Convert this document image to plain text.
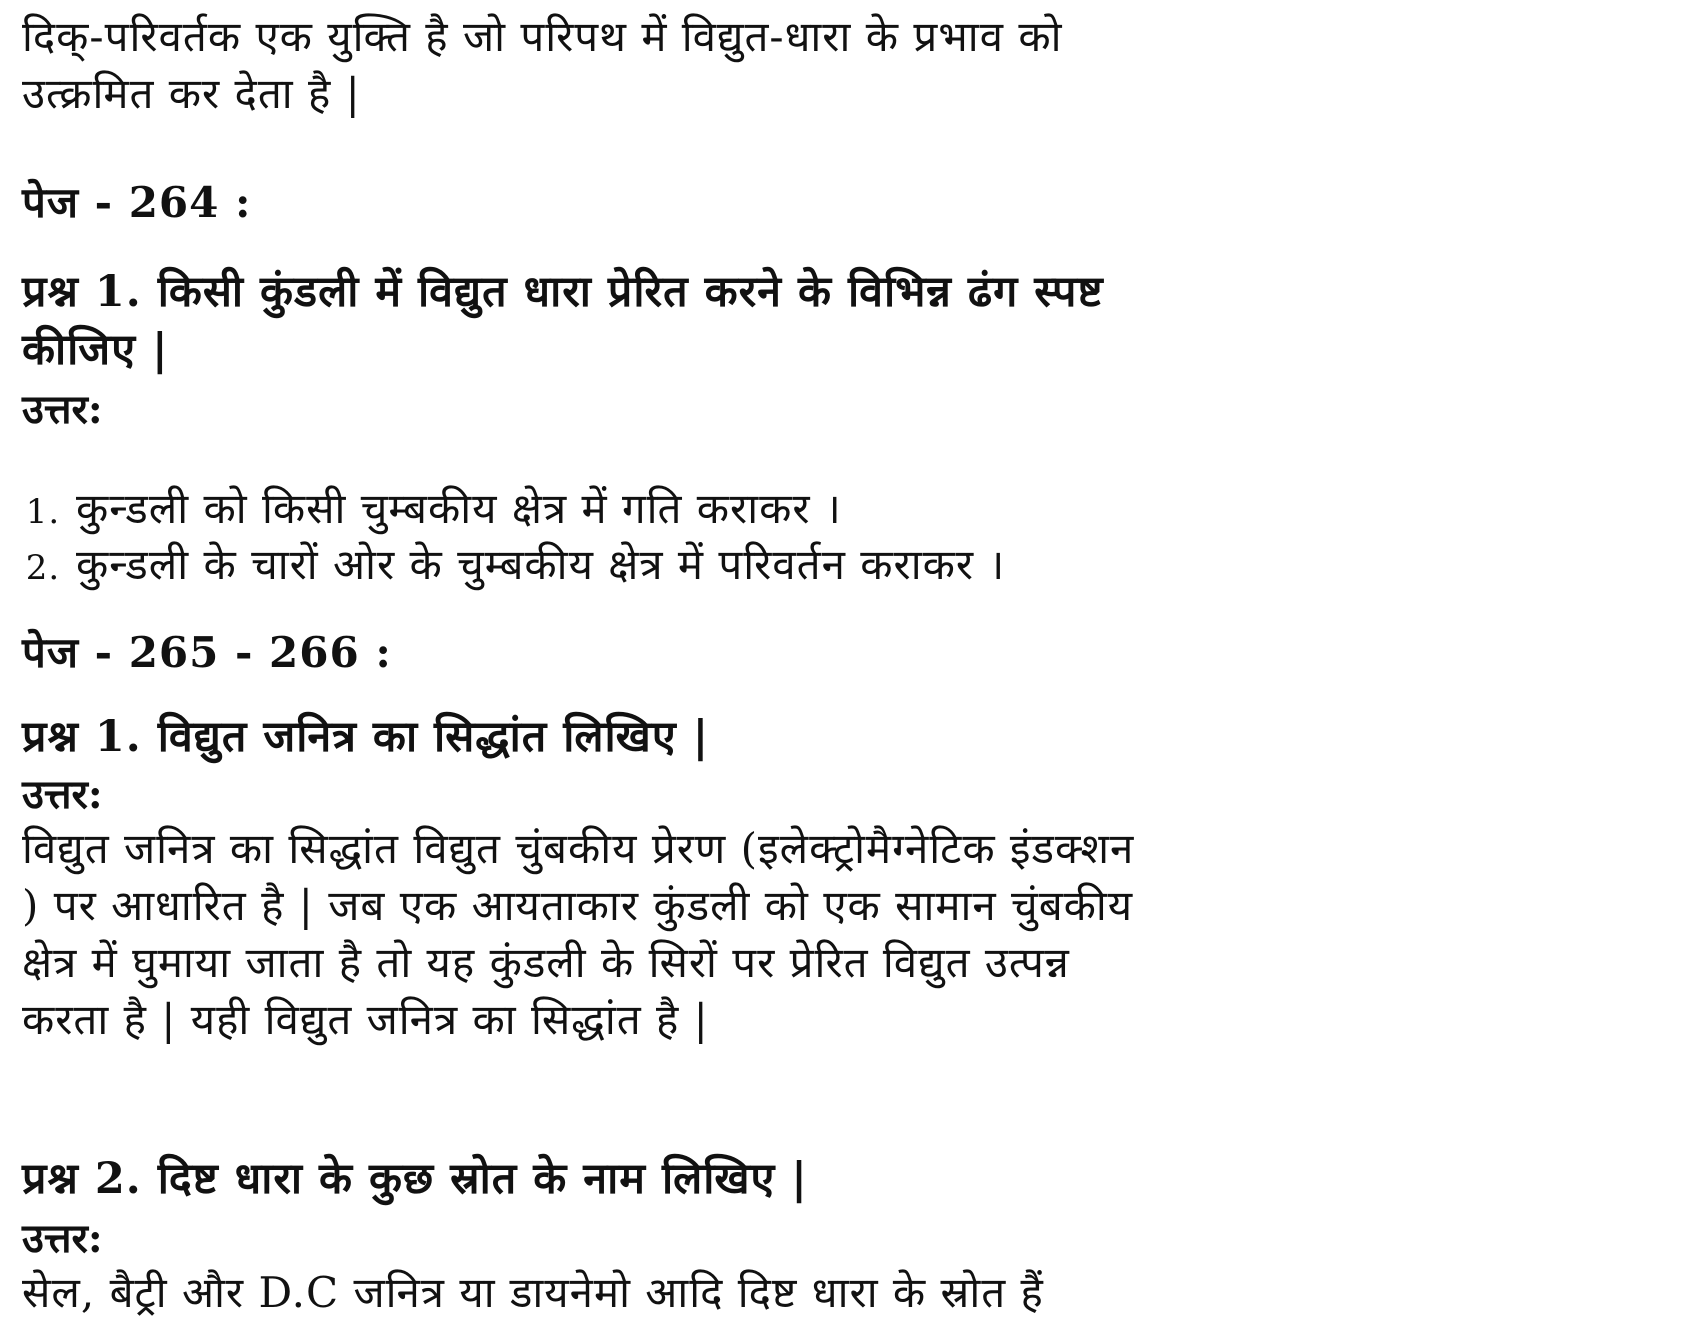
दिक्-परिवर्तक एक युक्ति है जो परिपथ में विद्युत-धारा के प्रभाव को उत्क्रमित कर देता है |

पेज - 264 :

प्रश्न 1. किसी कुंडली में विद्युत धारा प्रेरित करने के विभिन्न ढंग स्पष्ट कीजिए |

उत्तर:

1. कुन्डली को किसी चुम्बकीय क्षेत्र में गति कराकर ।
2. कुन्डली के चारों ओर के चुम्बकीय क्षेत्र में परिवर्तन कराकर ।

पेज - 265 - 266 :

प्रश्न 1. विद्युत जनित्र का सिद्धांत लिखिए |

उत्तर:

विद्युत जनित्र का सिद्धांत विद्युत चुंबकीय प्रेरण (इलेक्ट्रोमैग्नेटिक इंडक्शन ) पर आधारित है | जब एक आयताकार कुंडली को एक सामान चुंबकीय क्षेत्र में घुमाया जाता है तो यह कुंडली के सिरों पर प्रेरित विद्युत उत्पन्न करता है | यही विद्युत जनित्र का सिद्धांत है |

प्रश्न 2. दिष्ट धारा के कुछ स्रोत के नाम लिखिए |

उत्तर:

सेल, बैट्री और D.C जनित्र या डायनेमो आदि दिष्ट धारा के स्रोत हैं
